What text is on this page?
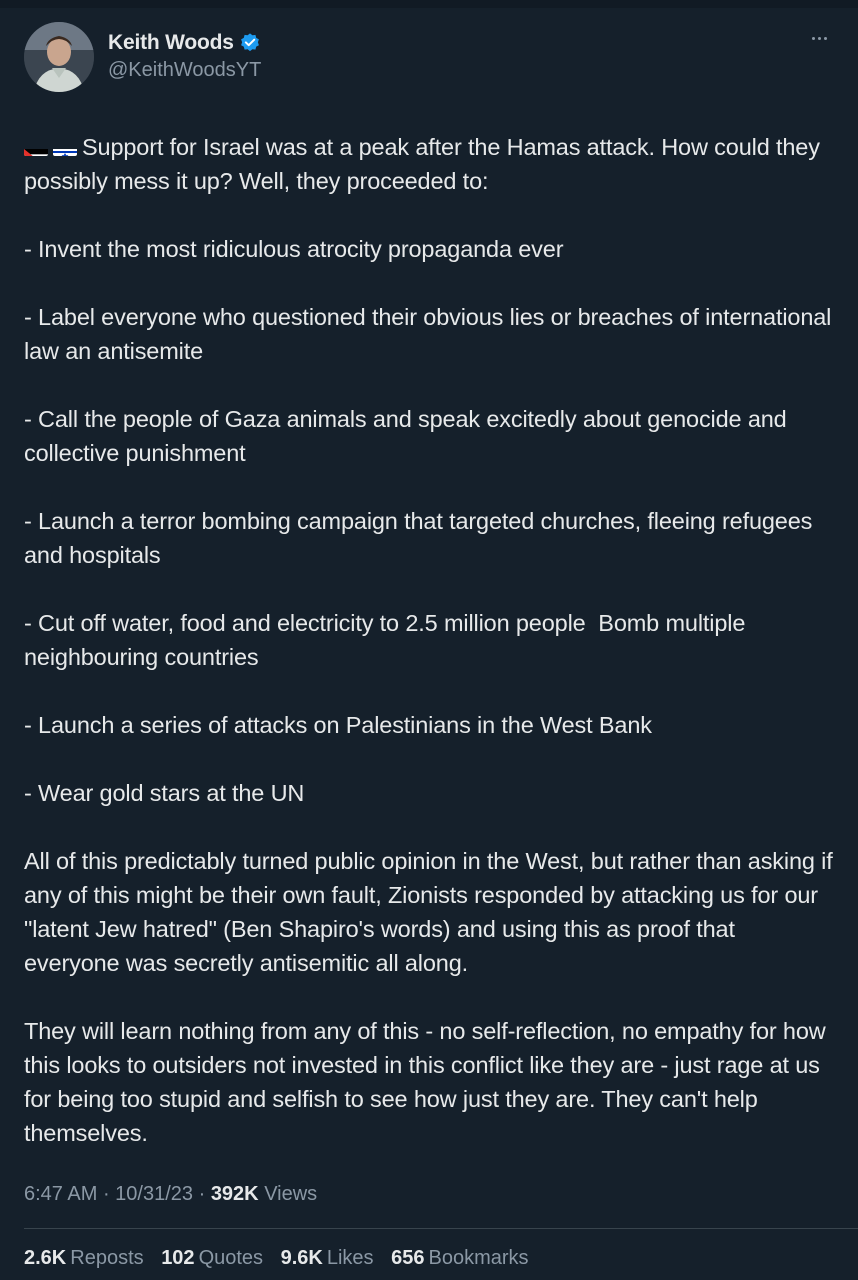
Keith Woods
@KeithWoodsYT

Support for Israel was at a peak after the Hamas attack. How could they possibly mess it up? Well, they proceeded to:

- Invent the most ridiculous atrocity propaganda ever

- Label everyone who questioned their obvious lies or breaches of international law an antisemite

- Call the people of Gaza animals and speak excitedly about genocide and collective punishment

- Launch a terror bombing campaign that targeted churches, fleeing refugees and hospitals

- Cut off water, food and electricity to 2.5 million people  Bomb multiple neighbouring countries

- Launch a series of attacks on Palestinians in the West Bank

- Wear gold stars at the UN

All of this predictably turned public opinion in the West, but rather than asking if any of this might be their own fault, Zionists responded by attacking us for our "latent Jew hatred" (Ben Shapiro's words) and using this as proof that everyone was secretly antisemitic all along.

They will learn nothing from any of this - no self-reflection, no empathy for how this looks to outsiders not invested in this conflict like they are - just rage at us for being too stupid and selfish to see how just they are. They can't help themselves.

6:47 AM · 10/31/23 · 392K Views
2.6K Reposts 102 Quotes 9.6K Likes 656 Bookmarks
